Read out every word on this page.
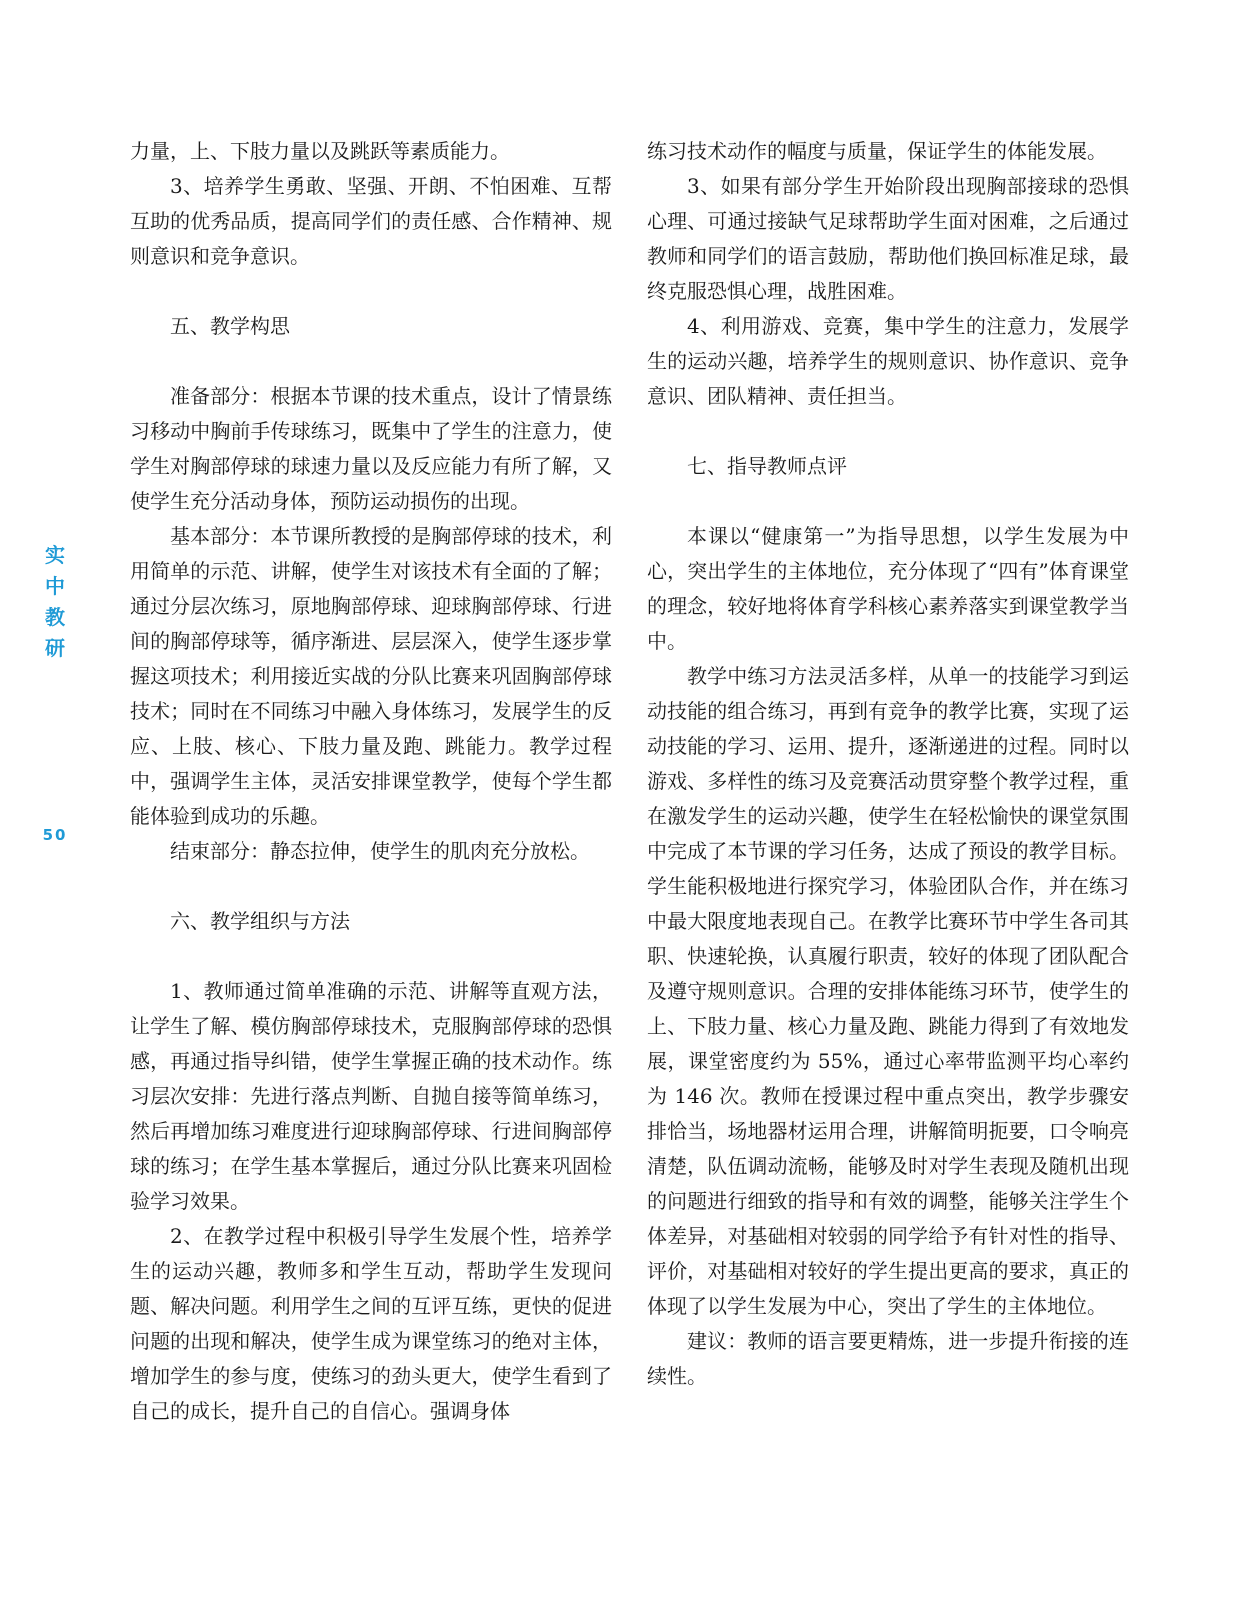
实
中
教
研
50

力量，上、下肢力量以及跳跃等素质能力。

3、培养学生勇敢、坚强、开朗、不怕困难、互帮互助的优秀品质，提高同学们的责任感、合作精神、规则意识和竞争意识。

五、教学构思

准备部分：根据本节课的技术重点，设计了情景练习移动中胸前手传球练习，既集中了学生的注意力，使学生对胸部停球的球速力量以及反应能力有所了解，又使学生充分活动身体，预防运动损伤的出现。

基本部分：本节课所教授的是胸部停球的技术，利用简单的示范、讲解，使学生对该技术有全面的了解；通过分层次练习，原地胸部停球、迎球胸部停球、行进间的胸部停球等，循序渐进、层层深入，使学生逐步掌握这项技术；利用接近实战的分队比赛来巩固胸部停球技术；同时在不同练习中融入身体练习，发展学生的反应、上肢、核心、下肢力量及跑、跳能力。教学过程中，强调学生主体，灵活安排课堂教学，使每个学生都能体验到成功的乐趣。

结束部分：静态拉伸，使学生的肌肉充分放松。

六、教学组织与方法

1、教师通过简单准确的示范、讲解等直观方法，让学生了解、模仿胸部停球技术，克服胸部停球的恐惧感，再通过指导纠错，使学生掌握正确的技术动作。练习层次安排：先进行落点判断、自抛自接等简单练习，然后再增加练习难度进行迎球胸部停球、行进间胸部停球的练习；在学生基本掌握后，通过分队比赛来巩固检验学习效果。

2、在教学过程中积极引导学生发展个性，培养学生的运动兴趣，教师多和学生互动，帮助学生发现问题、解决问题。利用学生之间的互评互练，更快的促进问题的出现和解决，使学生成为课堂练习的绝对主体，增加学生的参与度，使练习的劲头更大，使学生看到了自己的成长，提升自己的自信心。强调身体

练习技术动作的幅度与质量，保证学生的体能发展。

3、如果有部分学生开始阶段出现胸部接球的恐惧心理、可通过接缺气足球帮助学生面对困难，之后通过教师和同学们的语言鼓励，帮助他们换回标准足球，最终克服恐惧心理，战胜困难。

4、利用游戏、竞赛，集中学生的注意力，发展学生的运动兴趣，培养学生的规则意识、协作意识、竞争意识、团队精神、责任担当。

七、指导教师点评

本课以“健康第一”为指导思想，以学生发展为中心，突出学生的主体地位，充分体现了“四有”体育课堂的理念，较好地将体育学科核心素养落实到课堂教学当中。

教学中练习方法灵活多样，从单一的技能学习到运动技能的组合练习，再到有竞争的教学比赛，实现了运动技能的学习、运用、提升，逐渐递进的过程。同时以游戏、多样性的练习及竞赛活动贯穿整个教学过程，重在激发学生的运动兴趣，使学生在轻松愉快的课堂氛围中完成了本节课的学习任务，达成了预设的教学目标。学生能积极地进行探究学习，体验团队合作，并在练习中最大限度地表现自己。在教学比赛环节中学生各司其职、快速轮换，认真履行职责，较好的体现了团队配合及遵守规则意识。合理的安排体能练习环节，使学生的上、下肢力量、核心力量及跑、跳能力得到了有效地发展，课堂密度约为 55%，通过心率带监测平均心率约为 146 次。教师在授课过程中重点突出，教学步骤安排恰当，场地器材运用合理，讲解简明扼要，口令响亮清楚，队伍调动流畅，能够及时对学生表现及随机出现的问题进行细致的指导和有效的调整，能够关注学生个体差异，对基础相对较弱的同学给予有针对性的指导、评价，对基础相对较好的学生提出更高的要求，真正的体现了以学生发展为中心，突出了学生的主体地位。

建议：教师的语言要更精炼，进一步提升衔接的连续性。
